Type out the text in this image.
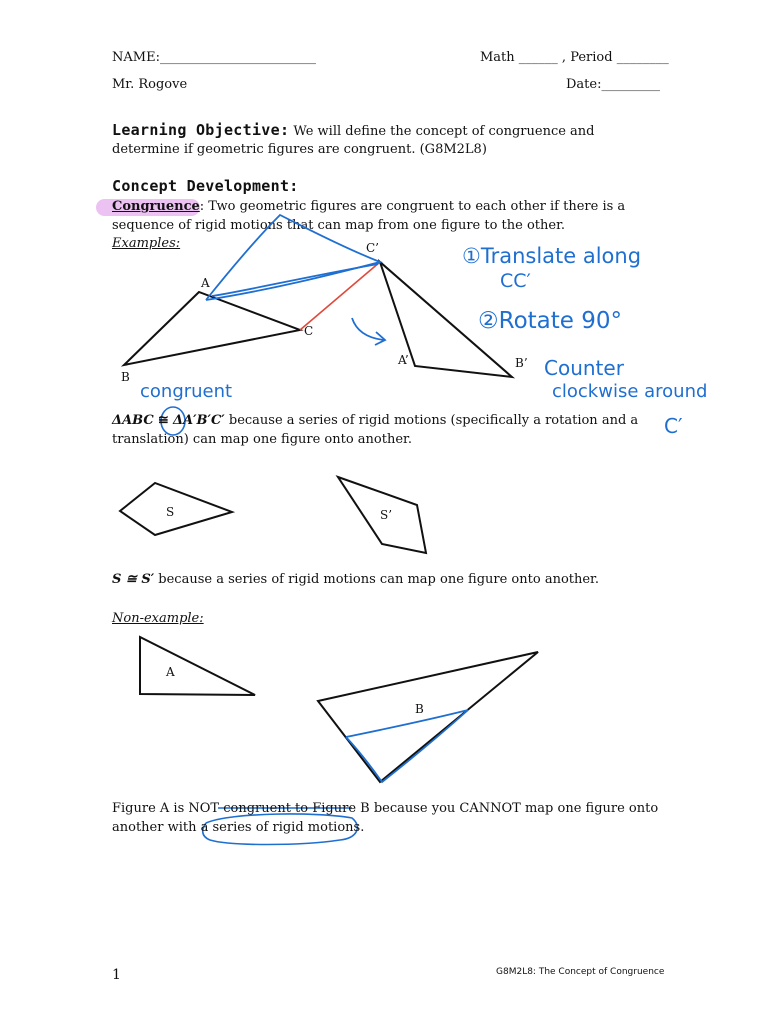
NAME:________________________	Math ______ , Period ________
Mr. Rogove	Date:_________
Learning Objective: We will define the concept of congruence and
determine if geometric figures are congruent. (G8M2L8)
Concept Development:
Congruence: Two geometric figures are congruent to each other if there is a
sequence of rigid motions that can map from one figure to the other.
Examples:
A
B
C
C’
A’	B’
①Translate along
CC′
②Rotate 90°
Counter
clockwise around
C′
congruent
ΔABC ≅ ΔA′B′C′ because a series of rigid motions (specifically a rotation and a
translation) can map one figure onto another.
S	S’
S ≅ S′ because a series of rigid motions can map one figure onto another.
Non-example:
A
B
Figure A is NOT congruent to Figure B because you CANNOT map one figure onto
another with a series of rigid motions.
1	G8M2L8: The Concept of Congruence
